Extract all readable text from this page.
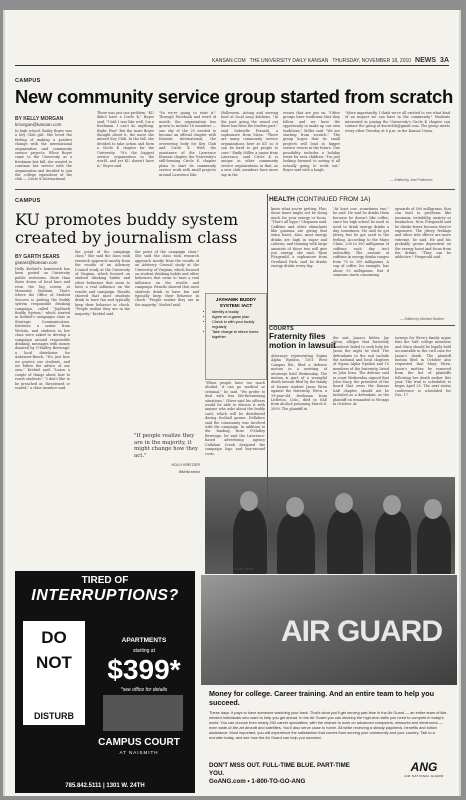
KANSAN.COM THE UNIVERSITY DAILY KANSAN THURSDAY, NOVEMBER 18, 2010 NEWS 3A
CAMPUS
New community service group started from scratch
BY KELLY MORGAN
kmorgan@kansan.com
In high school, Bailey Boyer was a Key Club girl. She loved the feeling of making a positive change with the international organization and community service projects. When Boyer came to the University as a freshman last fall, she wanted to continue her service with the organization and decided to join the college equivalent of the club — Circle K International.
There was just one problem. "KU didn't have a Circle K," Boyer said. "Until I was like well, I'm a freshman. I can't do anything. Right. Fine" But the more Boyer thought about it, the more she missed Key Club. In the fall, she decided to take action and form a Circle K chapter for the University. "It's the biggest service organization in the world, and yet KU doesn't have it," Boyer said.
"So we're going to start it." Through Facebook and word of mouth, the organization has grown to include 16 members — one shy of the 20 needed to become an official chapter with Kiwanis International, the overseeing body for Key Club and Circle K. With the assistance of the Lawrence Kiwanis chapter, the University's still-forming Circle K chapter plans to start its community service work with small projects around Lawrence like
Halloween. Acting and serving food at local soup kitchens. "In the past going the round out there has been the leaders part," said Gabrielle Fernald, a sophomore from Mesa. "There are many community service organizations here at KU so it can be hard to get people to care." Emily Miller, a junior from Lawrence, said Circle K is unique in other community service organizations in that, as a new club, members have more say in the
events that are put on. "Other groups have traditions that they follow and we have the opportunity to make up our own traditions," Miller said. "We are starting from scratch." The group hopes that its small projects will lead to bigger service events in the future. One possibility includes a holiday event for area children. "I'm just looking forward to seeing it all actually going to work out," Boyer said with a laugh.
"More importantly, I think we're all excited to see what kind of an impact we can have in the community." Students interested in joining the University's Circle K chapter can contact the group at kucirclek@gmail.com. The group meets every other Tuesday at 8 p.m. in the Kansas Union.
— Edited by Joel Petterson
CAMPUS
KU promotes buddy system created by journalism class
BY GARTH SEARS
gsears@kansan.com
Holly Krebiel's homework has been posted on University public restrooms. More than three dozen of local bars and even the big screen at Memorial Stadium. That's where the Office of Student Success is putting the buddy system responsible drinking campaign, called "JayHawk Buddy System," which started in Krebiel's campaigns class in Strategic Communication. Kristiner, a senior from Wichita, and students in her class were asked to develop a campaign around responsible drinking, messages with money donated by O'Malley Beverage, a local distributor for Anheuser-Busch. "It's just how we protect our students, and we follow the advice of our own," Krebiel said. "Learn a couple of things about how to reach students." "I don't like to be preached at, threatened or scared," a class member said.
the point of the campaign class." She said the class took research approach mostly from the results of an Advisory Council study at the University of Virginia, which focused on student drinking habits and other behaviors that seem to have a real influence on the results and campaign. Results showed that most students drink to have fun and typically keep their behavior in check. "People realize they are in the majority," Krebiel said.
the point of the campaign class." She said the class took research approach mostly from the results of an Advisory Council study at the University of Virginia, which focused on student drinking habits and other behaviors that seem to have a real influence on the results and campaign. Results showed that most students drink to have fun and typically keep their behavior in check. "People realize they are in the majority," Krebiel said.
"When people have too much alcohol, it can go medical or criminal," he said. "We prefer to deal with less life-threatening situations." Oliver said his officers would be able to discuss it with anyone who asks about the buddy card, which will be distributed during football games. Dellafave said the community was involved with the campaign. In addition to the funding from O'Malley Beverage, he said the Lawrence-based advertising agency Callahan Creek designed the campaign logo and buy-around costs.
JAYHAWK BUDDY SYSTEM: IACT
• Identify a buddy
• Agree on a game plan
• Check in with your buddy regularly
• Take charge to return home together
"If people realize they are in the majority, it might change how they act."
HOLLY KREITZER
Wichita senior
— Edited by Lisa Curran
HEALTH (CONTINUED FROM 1A)
know what you're getting. Plus, those times might not be doing much for your energy or focus. "That's all hype," Chapman said. Caffeine and other stimulants like guarana are giving that extra boost. Also, most energy drinks are high in sugar and calories, and teaming with large amounts of those two will give you energy, she said. Ryan Fitzgerald, a sophomore from Overland Park, said he drinks energy drinks every day.
"At least one, sometimes two," he said. He said he drinks them because he doesn't like coffee, since his high school he used to need to drink energy drinks a day sometimes. He said he got jittery, but he got used to the feeling. According to the Mayo Clinic, 200 to 300 milligrams of caffeine each day isn't unhealthy. The amount of caffeine in energy drinks ranges from 70 to 200 milligrams. A cup of coffee, for example, has about 95 milligrams. But if someone starts consuming
upwards of 500 milligrams, that can lead to problems like insomnia, irritability, anxiety or headaches. Now, Fitzgerald said he drinks fewer because they're expensive. The jittery feelings and other side effects are more extreme, he said. He and his probably grown dependent on the energy boost and focus from the drinks. "They can be addictive," Fitzgerald said.
— Edited by Michael Bodner
COURTS
Fraternity files motion in lawsuit
Attorneys representing Sigma Alpha Epsilon, 1301 West Campus Rd., filed a defense motion in a meeting of attorneys held Wednesday. The motion is part of a wrongful death lawsuit filed by the family of former student Jason Wren against the fraternity. Wren, a 19-year-old freshman from Littleton, Colo., died in SAE from alcohol poisoning March 8, 2009. The plaintiff in
the suit, Jason's father, Jay Wren, alleges that fraternity members failed to seek help for Jason the night he died. The defendants in the suit include the national and local chapters of Sigma Alpha Epsilon and 10 members of the fraternity, listed as John Does. The defense said in court Wednesday argued that John Stacy, the president of the board that owns the Kansas SAE chapter, should not be included as a defendant, as the plaintiff on remanded in Wrongs in October. At
torneys for Wren's family argue that the SAE college members and Stacy should be legally held accountable in the civil case for Jason's death. The plaintiff motion filed in October also requested that Mary Wren, Jason's mother, be removed from the list of plaintiffs following her death earlier this year. The trial is scheduled to begin April 25. The next status conference is scheduled for Dec. 17.
TIRED OF
INTERRUPTIONS?
DO
NOT
DISTURB
APARTMENTS
starting at
$399*
*see office for details
CAMPUS COURT
AT NAISMITH
785.842.5111 | 1301 W. 24TH
AIR GUARD
Money for college. Career training. And an entire team to help you succeed.
These days, it pays to have someone watching your back. That's what you'll get serving part-time in the Air Guard — an entire team of like-minded individuals who want to help you get ahead. In the Air Guard you can develop the high-tech skills you need to compete in today's world. You can choose from nearly 200 career specialties, with the chance to work on advanced computers, networks and electronics — even state-of-the-art aircraft and satellites. You'll also serve close to home. All while receiving a steady paycheck, benefits and tuition assistance. Most important, you will experience the satisfaction that comes from serving your community and your country. Talk to a recruiter today, and see how the Air Guard can help you succeed.
DON'T MISS OUT. FULL-TIME BLUE. PART-TIME YOU.
GoANG.com • 1-800-TO-GO-ANG
ANG
AIR NATIONAL GUARD
